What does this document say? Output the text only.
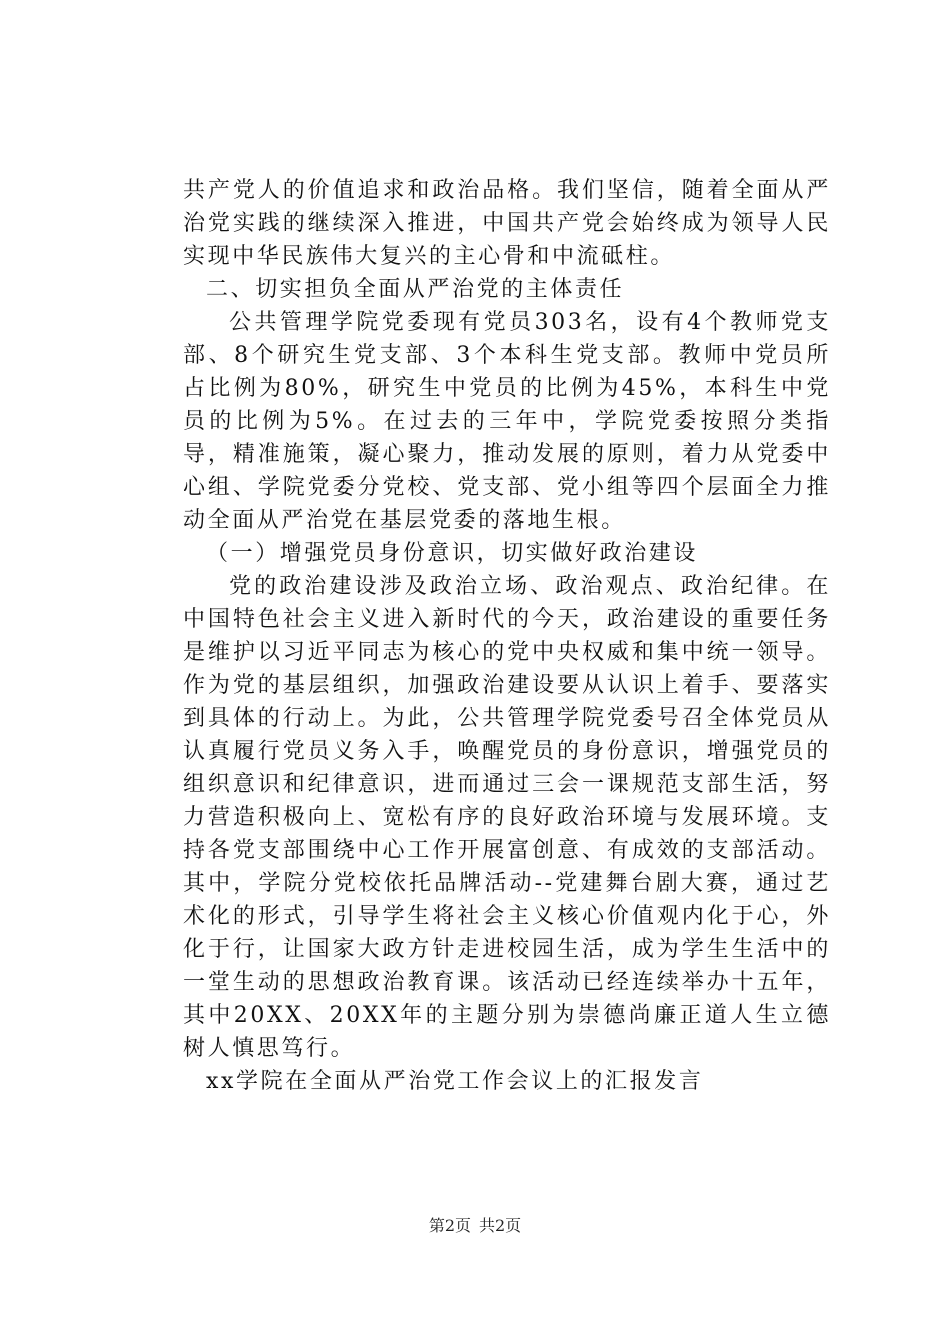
共产党人的价值追求和政治品格。我们坚信，随着全面从严治党实践的继续深入推进，中国共产党会始终成为领导人民实现中华民族伟大复兴的主心骨和中流砥柱。

二、切实担负全面从严治党的主体责任

公共管理学院党委现有党员303名，设有4个教师党支部、8个研究生党支部、3个本科生党支部。教师中党员所占比例为80%，研究生中党员的比例为45%，本科生中党员的比例为5%。在过去的三年中，学院党委按照分类指导，精准施策，凝心聚力，推动发展的原则，着力从党委中心组、学院党委分党校、党支部、党小组等四个层面全力推动全面从严治党在基层党委的落地生根。

（一）增强党员身份意识，切实做好政治建设

党的政治建设涉及政治立场、政治观点、政治纪律。在中国特色社会主义进入新时代的今天，政治建设的重要任务是维护以习近平同志为核心的党中央权威和集中统一领导。作为党的基层组织，加强政治建设要从认识上着手、要落实到具体的行动上。为此，公共管理学院党委号召全体党员从认真履行党员义务入手，唤醒党员的身份意识，增强党员的组织意识和纪律意识，进而通过三会一课规范支部生活，努力营造积极向上、宽松有序的良好政治环境与发展环境。支持各党支部围绕中心工作开展富创意、有成效的支部活动。其中，学院分党校依托品牌活动--党建舞台剧大赛，通过艺术化的形式，引导学生将社会主义核心价值观内化于心，外化于行，让国家大政方针走进校园生活，成为学生生活中的一堂生动的思想政治教育课。该活动已经连续举办十五年，其中20XX、20XX年的主题分别为崇德尚廉正道人生立德树人慎思笃行。

xx学院在全面从严治党工作会议上的汇报发言

第2页 共2页
